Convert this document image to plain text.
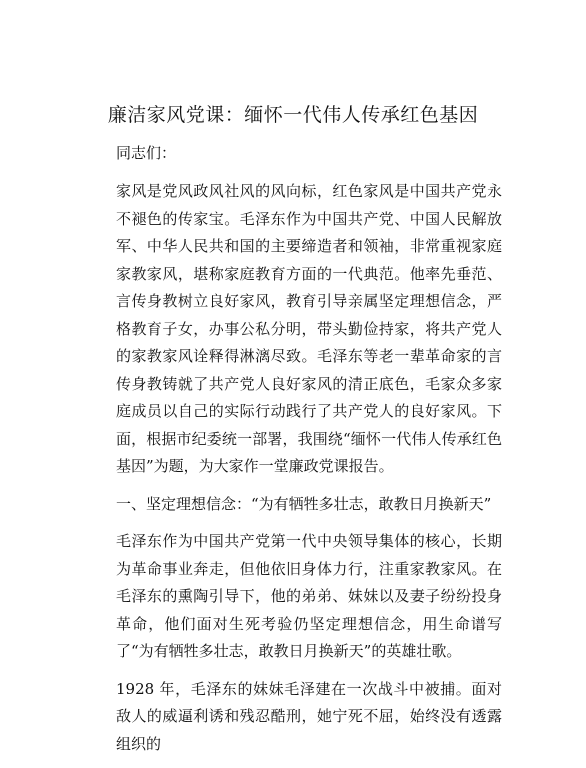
廉洁家风党课：缅怀一代伟人传承红色基因

同志们：

家风是党风政风社风的风向标，红色家风是中国共产党永不褪色的传家宝。毛泽东作为中国共产党、中国人民解放军、中华人民共和国的主要缔造者和领袖，非常重视家庭家教家风，堪称家庭教育方面的一代典范。他率先垂范、言传身教树立良好家风，教育引导亲属坚定理想信念，严格教育子女，办事公私分明，带头勤俭持家，将共产党人的家教家风诠释得淋漓尽致。毛泽东等老一辈革命家的言传身教铸就了共产党人良好家风的清正底色，毛家众多家庭成员以自己的实际行动践行了共产党人的良好家风。下面，根据市纪委统一部署，我围绕“缅怀一代伟人传承红色基因”为题，为大家作一堂廉政党课报告。

一、坚定理想信念：“为有牺牲多壮志，敢教日月换新天”

毛泽东作为中国共产党第一代中央领导集体的核心，长期为革命事业奔走，但他依旧身体力行，注重家教家风。在毛泽东的熏陶引导下，他的弟弟、妹妹以及妻子纷纷投身革命，他们面对生死考验仍坚定理想信念，用生命谱写了“为有牺牲多壮志，敢教日月换新天”的英雄壮歌。

1928 年，毛泽东的妹妹毛泽建在一次战斗中被捕。面对敌人的威逼利诱和残忍酷刑，她宁死不屈，始终没有透露组织的
